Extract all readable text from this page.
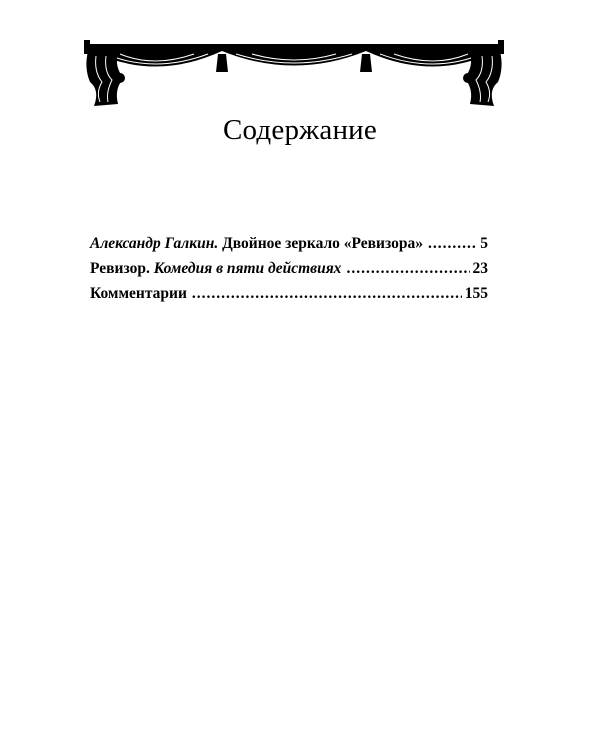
Содержание
Александр Галкин. Двойное зеркало «Ревизора» .....	5
Ревизор. Комедия в пяти действиях .....	23
Комментарии .....	155
